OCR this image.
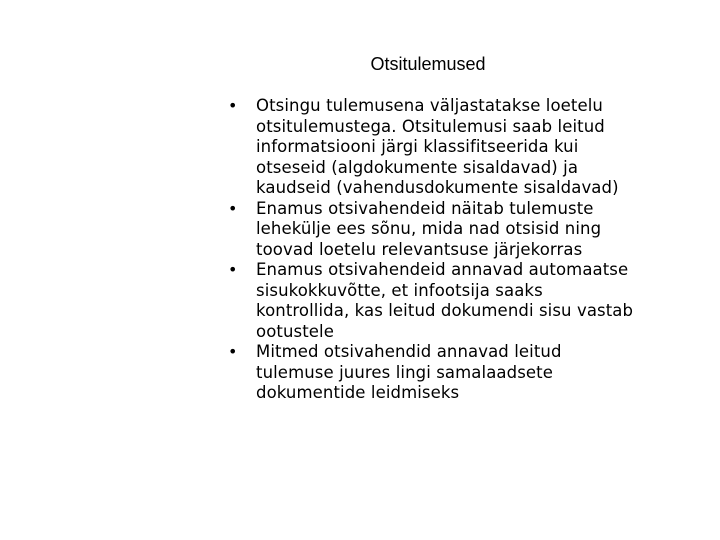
Otsitulemused
• Otsingu tulemusena väljastatakse loetelu
otsitulemustega. Otsitulemusi saab leitud
informatsiooni järgi klassifitseerida kui
otseseid (algdokumente sisaldavad) ja
kaudseid (vahendusdokumente sisaldavad)
• Enamus otsivahendeid näitab tulemuste
lehekülje ees sõnu, mida nad otsisid ning
toovad loetelu relevantsuse järjekorras
• Enamus otsivahendeid annavad automaatse
sisukokkuvõtte, et infootsija saaks
kontrollida, kas leitud dokumendi sisu vastab
ootustele
• Mitmed otsivahendid annavad leitud
tulemuse juures lingi samalaadsete
dokumentide leidmiseks
